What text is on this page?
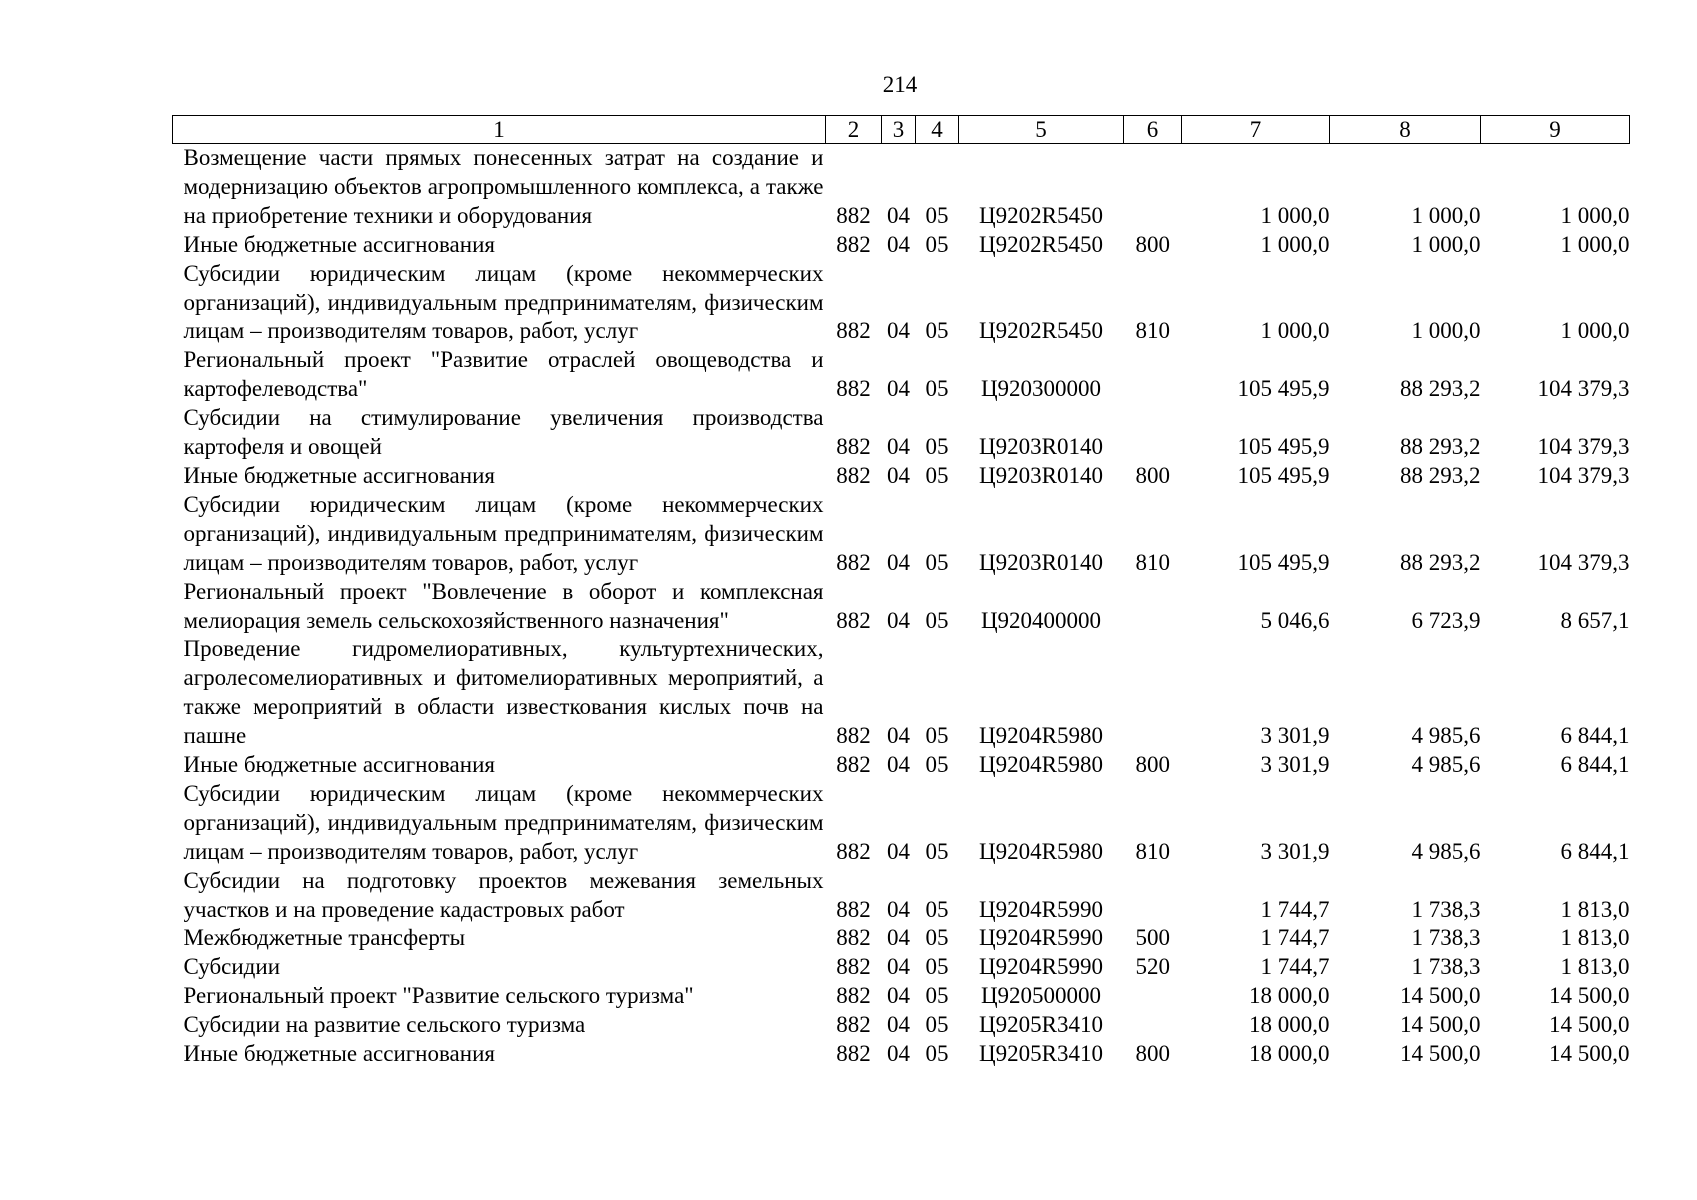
214
1	2	3	4	5	6	7	8	9
Возмещение части прямых понесенных затрат на создание и модернизацию объектов агропромышленного комплекса, а также на приобретение техники и оборудования	882	04	05	Ц9202R5450		1 000,0	1 000,0	1 000,0
Иные бюджетные ассигнования	882	04	05	Ц9202R5450	800	1 000,0	1 000,0	1 000,0
Субсидии юридическим лицам (кроме некоммерческих организаций), индивидуальным предпринимателям, физическим лицам – производителям товаров, работ, услуг	882	04	05	Ц9202R5450	810	1 000,0	1 000,0	1 000,0
Региональный проект "Развитие отраслей овощеводства и картофелеводства"	882	04	05	Ц920300000		105 495,9	88 293,2	104 379,3
Субсидии на стимулирование увеличения производства картофеля и овощей	882	04	05	Ц9203R0140		105 495,9	88 293,2	104 379,3
Иные бюджетные ассигнования	882	04	05	Ц9203R0140	800	105 495,9	88 293,2	104 379,3
Субсидии юридическим лицам (кроме некоммерческих организаций), индивидуальным предпринимателям, физическим лицам – производителям товаров, работ, услуг	882	04	05	Ц9203R0140	810	105 495,9	88 293,2	104 379,3
Региональный проект "Вовлечение в оборот и комплексная мелиорация земель сельскохозяйственного назначения"	882	04	05	Ц920400000		5 046,6	6 723,9	8 657,1
Проведение гидромелиоративных, культуртехнических, агролесомелиоративных и фитомелиоративных мероприятий, а также мероприятий в области известкования кислых почв на пашне	882	04	05	Ц9204R5980		3 301,9	4 985,6	6 844,1
Иные бюджетные ассигнования	882	04	05	Ц9204R5980	800	3 301,9	4 985,6	6 844,1
Субсидии юридическим лицам (кроме некоммерческих организаций), индивидуальным предпринимателям, физическим лицам – производителям товаров, работ, услуг	882	04	05	Ц9204R5980	810	3 301,9	4 985,6	6 844,1
Субсидии на подготовку проектов межевания земельных участков и на проведение кадастровых работ	882	04	05	Ц9204R5990		1 744,7	1 738,3	1 813,0
Межбюджетные трансферты	882	04	05	Ц9204R5990	500	1 744,7	1 738,3	1 813,0
Субсидии	882	04	05	Ц9204R5990	520	1 744,7	1 738,3	1 813,0
Региональный проект "Развитие сельского туризма"	882	04	05	Ц920500000		18 000,0	14 500,0	14 500,0
Субсидии на развитие сельского туризма	882	04	05	Ц9205R3410		18 000,0	14 500,0	14 500,0
Иные бюджетные ассигнования	882	04	05	Ц9205R3410	800	18 000,0	14 500,0	14 500,0
